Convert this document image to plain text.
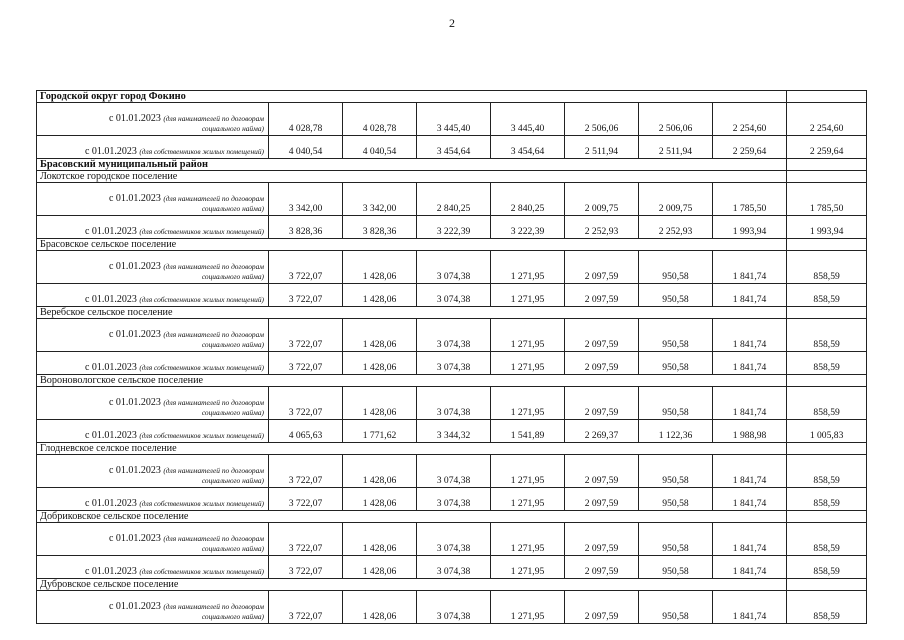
2
Городской округ город Фокино								
с 01.01.2023 (для нанимателей по договорам
социального найма)	4 028,78	4 028,78	3 445,40	3 445,40	2 506,06	2 506,06	2 254,60	2 254,60
с 01.01.2023 (для собственников жилых помещений)	4 040,54	4 040,54	3 454,64	3 454,64	2 511,94	2 511,94	2 259,64	2 259,64
Брасовский муниципальный район								
Локотское городское поселение								
с 01.01.2023 (для нанимателей по договорам
социального найма)	3 342,00	3 342,00	2 840,25	2 840,25	2 009,75	2 009,75	1 785,50	1 785,50
с 01.01.2023 (для собственников жилых помещений)	3 828,36	3 828,36	3 222,39	3 222,39	2 252,93	2 252,93	1 993,94	1 993,94
Брасовское сельское поселение								
с 01.01.2023 (для нанимателей по договорам
социального найма)	3 722,07	1 428,06	3 074,38	1 271,95	2 097,59	950,58	1 841,74	858,59
с 01.01.2023 (для собственников жилых помещений)	3 722,07	1 428,06	3 074,38	1 271,95	2 097,59	950,58	1 841,74	858,59
Веребское сельское поселение								
с 01.01.2023 (для нанимателей по договорам
социального найма)	3 722,07	1 428,06	3 074,38	1 271,95	2 097,59	950,58	1 841,74	858,59
с 01.01.2023 (для собственников жилых помещений)	3 722,07	1 428,06	3 074,38	1 271,95	2 097,59	950,58	1 841,74	858,59
Вороновологское сельское поселение								
с 01.01.2023 (для нанимателей по договорам
социального найма)	3 722,07	1 428,06	3 074,38	1 271,95	2 097,59	950,58	1 841,74	858,59
с 01.01.2023 (для собственников жилых помещений)	4 065,63	1 771,62	3 344,32	1 541,89	2 269,37	1 122,36	1 988,98	1 005,83
Глодневское селское поселение								
с 01.01.2023 (для нанимателей по договорам
социального найма)	3 722,07	1 428,06	3 074,38	1 271,95	2 097,59	950,58	1 841,74	858,59
с 01.01.2023 (для собственников жилых помещений)	3 722,07	1 428,06	3 074,38	1 271,95	2 097,59	950,58	1 841,74	858,59
Добриковское сельское поселение								
с 01.01.2023 (для нанимателей по договорам
социального найма)	3 722,07	1 428,06	3 074,38	1 271,95	2 097,59	950,58	1 841,74	858,59
с 01.01.2023 (для собственников жилых помещений)	3 722,07	1 428,06	3 074,38	1 271,95	2 097,59	950,58	1 841,74	858,59
Дубровское сельское поселение								
с 01.01.2023 (для нанимателей по договорам
социального найма)	3 722,07	1 428,06	3 074,38	1 271,95	2 097,59	950,58	1 841,74	858,59
